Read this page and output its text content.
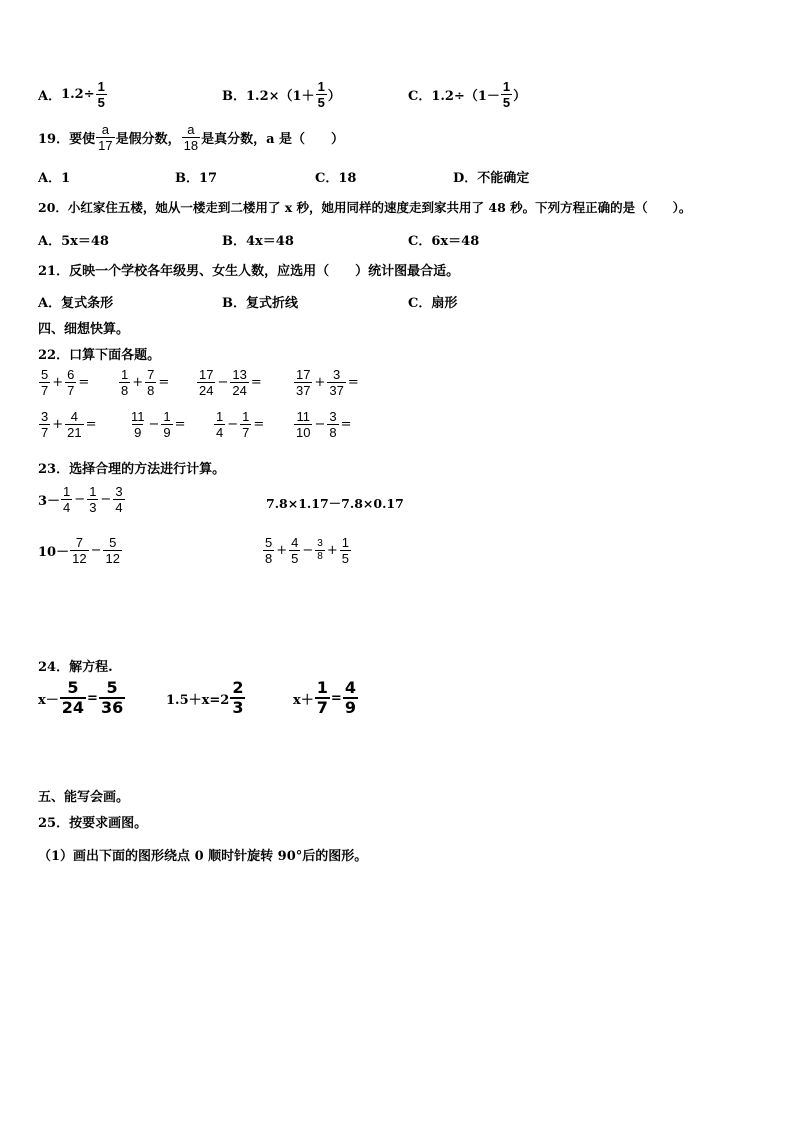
A． $1.2\div \frac{1}{5}$	B． $1.2\times(1+ \frac{1}{5}$ ）	C． $1.2\div(1- \frac{1}{5}$ ）
19． 要使 $\frac{a}{17}$ 是假分数， $\frac{a}{18}$ 是真分数，a 是（　　）
A．1	B．17	C．18	D．不能确定
20．小红家住五楼，她从一楼走到二楼用了 x 秒，她用同样的速度走到家共用了 48 秒。下列方程正确的是（　　）。
A．5x＝48	B．4x＝48	C．6x＝48
21．反映一个学校各年级男、女生人数，应选用（　　）统计图最合适。
A．复式条形	B．复式折线	C．扇形
四、细想快算。
22．口算下面各题。
$\frac{5}{7} + \frac{6}{7} = \frac{1}{8} + \frac{7}{8} = \frac{17}{24} - \frac{13}{24} = \frac{17}{37} + \frac{3}{37}$ =
$\frac{3}{7} + \frac{4}{21} = \frac{11}{9} - \frac{1}{9} = \frac{1}{4} - \frac{1}{7} = \frac{11}{10} - \frac{3}{8}$ =
23．选择合理的方法进行计算。
$3- \frac{1}{4} - \frac{1}{3} - \frac{3}{4}$	7.8×1.17－7.8×0.17
$10- \frac{7}{12} - \frac{5}{12}$	$\frac{5}{8} + \frac{4}{5} - \frac{3}{8} + \frac{1}{5}$
24．解方程.
$x- \frac{5}{24} = \frac{5}{36}$	$1.5+x=2 \frac{2}{3}$	$x+ \frac{1}{7} = \frac{4}{9}$
五、能写会画。
25．按要求画图。
（1）画出下面的图形绕点 0 顺时针旋转 90°后的图形。
